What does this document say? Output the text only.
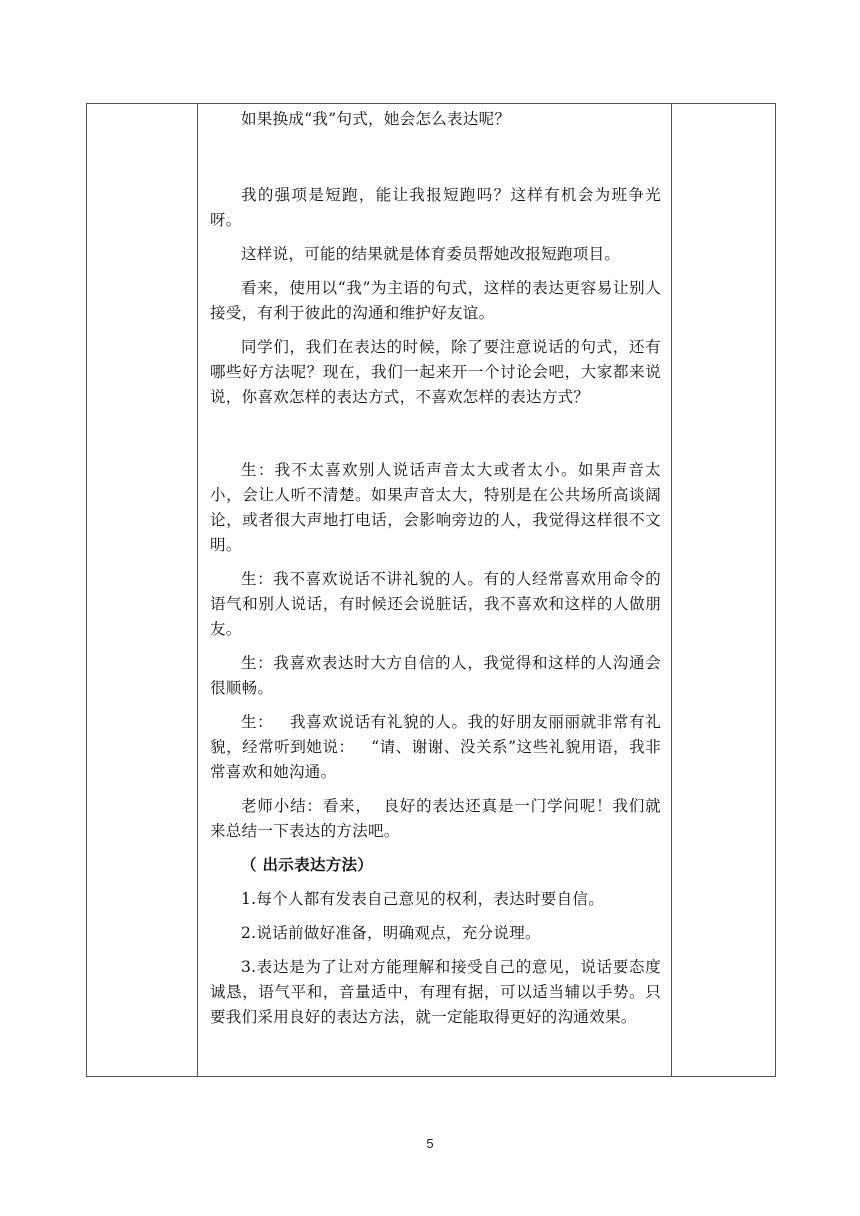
如果换成“我”句式，她会怎么表达呢？

我的强项是短跑，能让我报短跑吗？这样有机会为班争光呀。

这样说，可能的结果就是体育委员帮她改报短跑项目。

看来，使用以“我”为主语的句式，这样的表达更容易让别人接受，有利于彼此的沟通和维护好友谊。

同学们，我们在表达的时候，除了要注意说话的句式，还有哪些好方法呢？现在，我们一起来开一个讨论会吧，大家都来说说，你喜欢怎样的表达方式，不喜欢怎样的表达方式？

生：我不太喜欢别人说话声音太大或者太小。如果声音太小，会让人听不清楚。如果声音太大，特别是在公共场所高谈阔论，或者很大声地打电话，会影响旁边的人，我觉得这样很不文明。

生：我不喜欢说话不讲礼貌的人。有的人经常喜欢用命令的语气和别人说话，有时候还会说脏话，我不喜欢和这样的人做朋友。

生：我喜欢表达时大方自信的人，我觉得和这样的人沟通会很顺畅。

生：   我喜欢说话有礼貌的人。我的好朋友丽丽就非常有礼貌，经常听到她说：   “请、谢谢、没关系”这些礼貌用语，我非常喜欢和她沟通。

老师小结：看来，  良好的表达还真是一门学问呢！我们就来总结一下表达的方法吧。

（ 出示表达方法）

1.每个人都有发表自己意见的权利，表达时要自信。

2.说话前做好准备，明确观点，充分说理。

3.表达是为了让对方能理解和接受自己的意见，说话要态度诚恳，语气平和，音量适中，有理有据，可以适当辅以手势。只要我们采用良好的表达方法，就一定能取得更好的沟通效果。

5
